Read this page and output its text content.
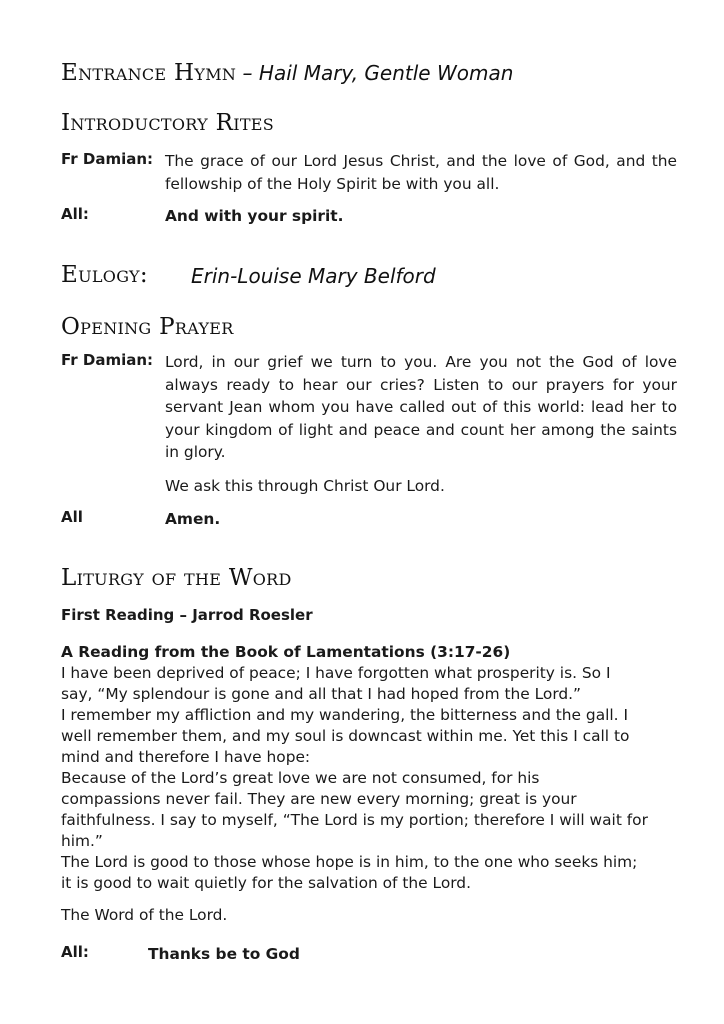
Entrance Hymn – Hail Mary, Gentle Woman
Introductory Rites
Fr Damian: The grace of our Lord Jesus Christ, and the love of God, and the fellowship of the Holy Spirit be with you all.
All:	And with your spirit.
Eulogy: Erin-Louise Mary Belford
Opening Prayer
Fr Damian: Lord, in our grief we turn to you. Are you not the God of love always ready to hear our cries? Listen to our prayers for your servant Jean whom you have called out of this world: lead her to your kingdom of light and peace and count her among the saints in glory.
We ask this through Christ Our Lord.
All	Amen.
Liturgy of the Word
First Reading – Jarrod Roesler

A Reading from the Book of Lamentations (3:17-26)

I have been deprived of peace; I have forgotten what prosperity is. So I

say, “My splendour is gone and all that I had hoped from the Lord.”

I remember my affliction and my wandering, the bitterness and the gall. I

well remember them, and my soul is downcast within me. Yet this I call to

mind and therefore I have hope:

Because of the Lord’s great love we are not consumed, for his

compassions never fail. They are new every morning; great is your

faithfulness. I say to myself, “The Lord is my portion; therefore I will wait for

him.”

The Lord is good to those whose hope is in him, to the one who seeks him;

it is good to wait quietly for the salvation of the Lord.

The Word of the Lord.
All:	Thanks be to God
